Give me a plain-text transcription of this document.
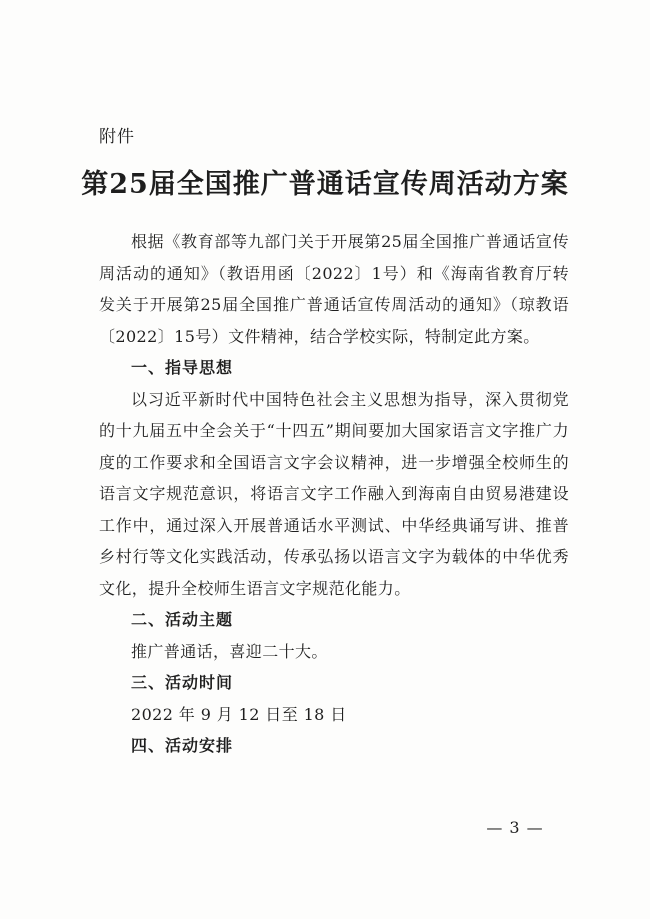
附件
第25届全国推广普通话宣传周活动方案

根据《教育部等九部门关于开展第25届全国推广普通话宣传周活动的通知》（教语用函〔2022〕1号）和《海南省教育厅转发关于开展第25届全国推广普通话宣传周活动的通知》（琼教语〔2022〕15号）文件精神，结合学校实际，特制定此方案。

一、指导思想

以习近平新时代中国特色社会主义思想为指导，深入贯彻党的十九届五中全会关于“十四五”期间要加大国家语言文字推广力度的工作要求和全国语言文字会议精神，进一步增强全校师生的语言文字规范意识，将语言文字工作融入到海南自由贸易港建设工作中，通过深入开展普通话水平测试、中华经典诵写讲、推普乡村行等文化实践活动，传承弘扬以语言文字为载体的中华优秀文化，提升全校师生语言文字规范化能力。

二、活动主题

推广普通话，喜迎二十大。

三、活动时间

2022 年 9 月 12 日至 18 日

四、活动安排

— 3 —
